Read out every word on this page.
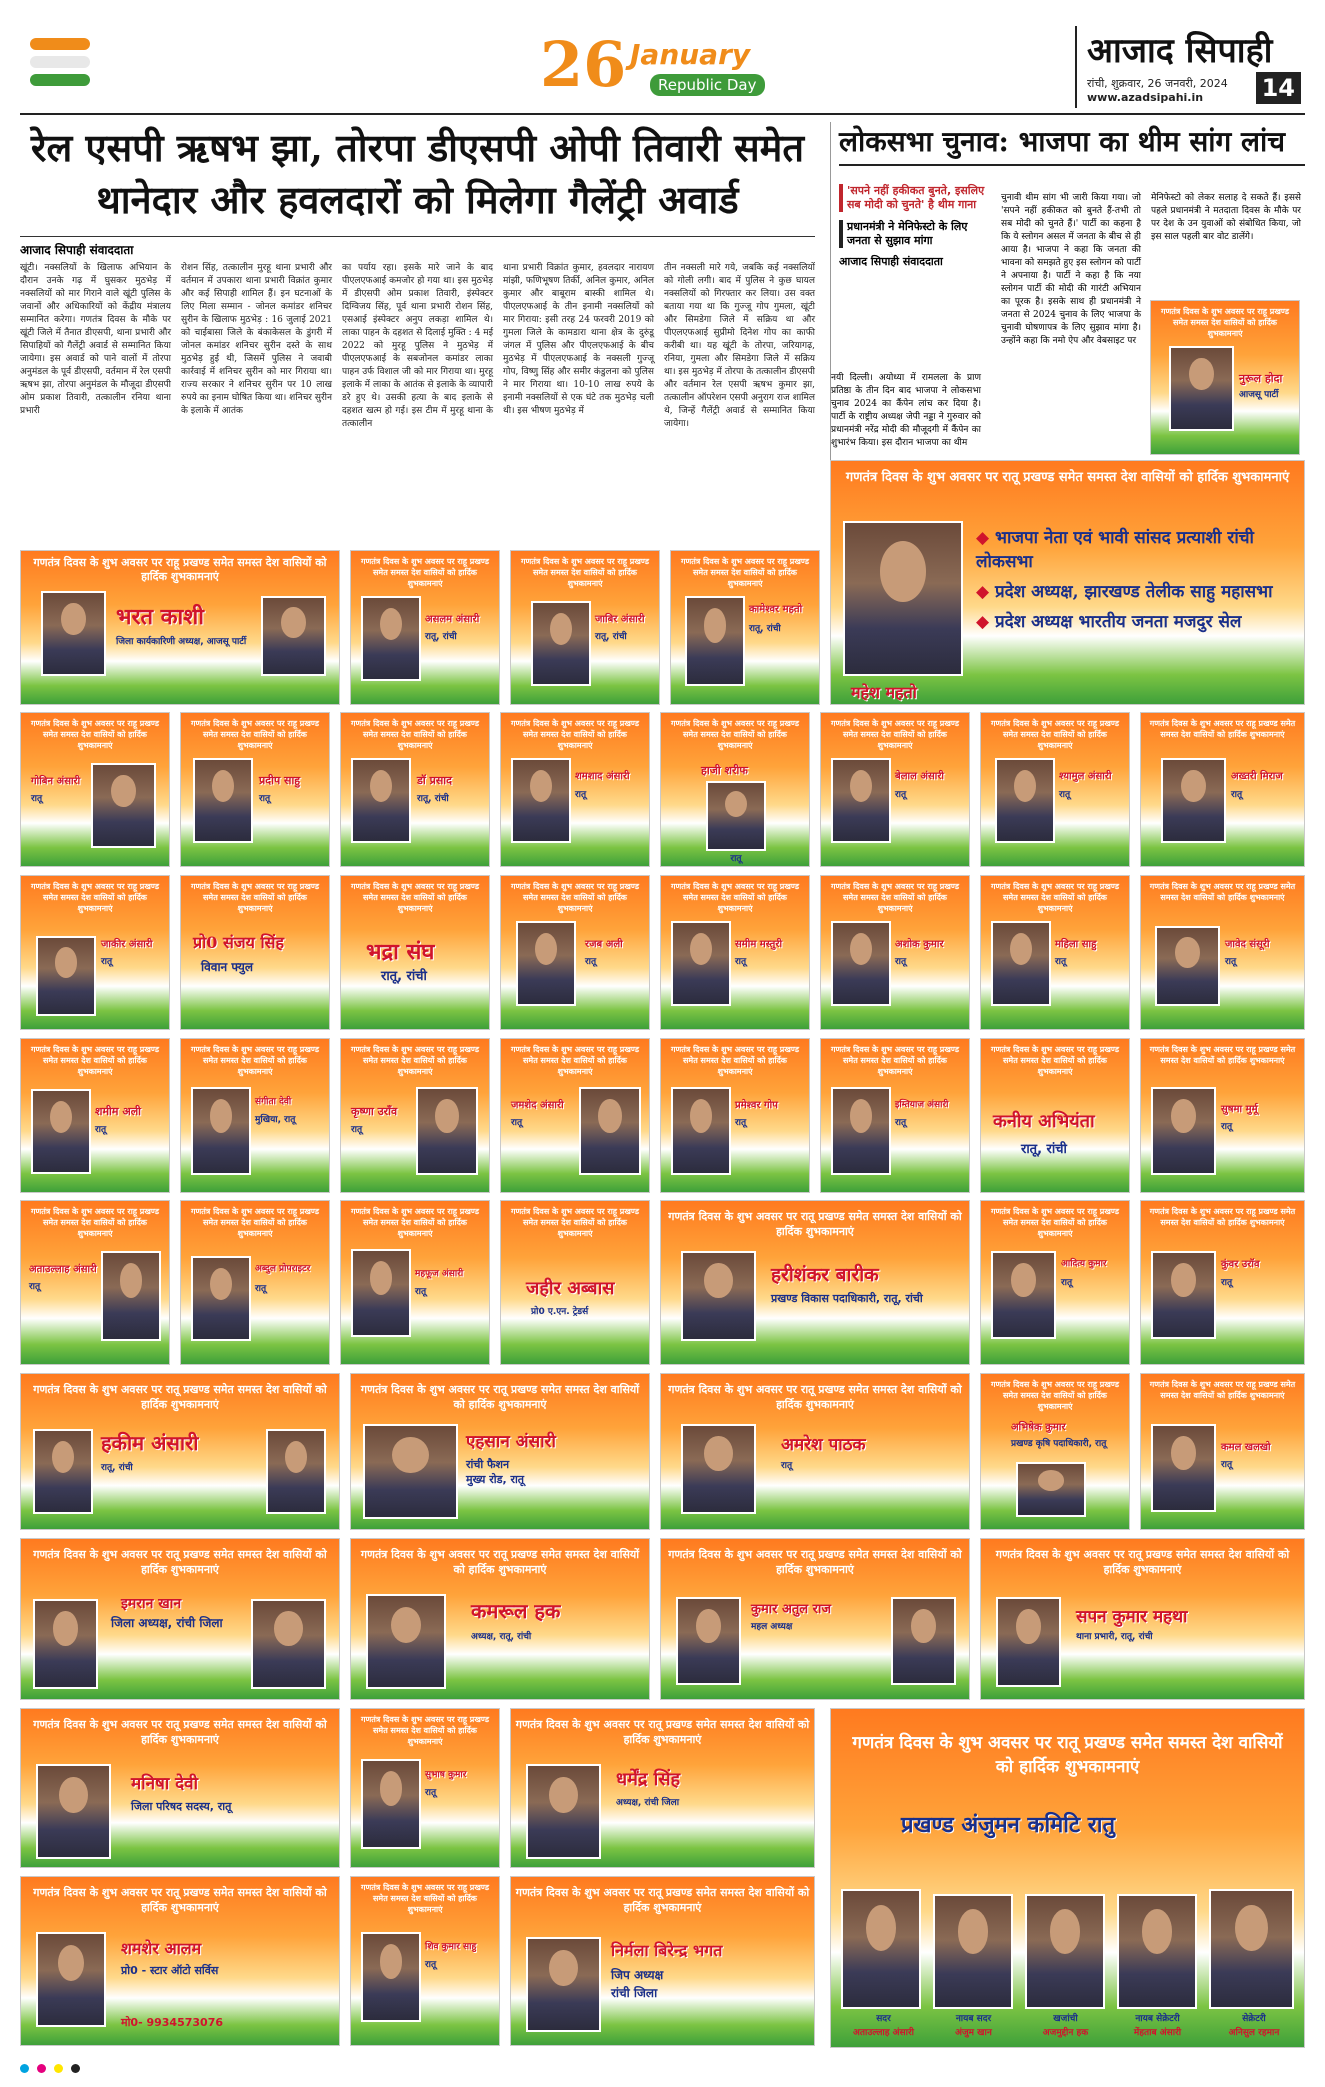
26 January
Republic Day
आजाद सिपाही
रांची, शुक्रवार, 26 जनवरी, 2024
www.azadsipahi.in	14
रेल एसपी ऋषभ झा, तोरपा डीएसपी ओपी तिवारी समेत थानेदार और हवलदारों को मिलेगा गैलेंट्री अवार्ड
आजाद सिपाही संवाददाता
खूंटी। नक्सलियों के खिलाफ अभियान के दौरान उनके गढ़ में घुसकर मुठभेड़ में नक्सलियों को मार गिराने वाले खूंटी पुलिस के जवानों और अधिकारियों को केंद्रीय मंत्रालय सम्मानित करेगा। गणतंत्र दिवस के मौके पर खूंटी जिले में तैनात डीएसपी, थाना प्रभारी और सिपाहियों को गैलेंट्री अवार्ड से सम्मानित किया जायेगा। इस अवार्ड को पाने वालों में तोरपा अनुमंडल के पूर्व डीएसपी, वर्तमान में रेल एसपी ऋषभ झा, तोरपा अनुमंडल के मौजूदा डीएसपी ओम प्रकाश तिवारी, तत्कालीन रनिया थाना प्रभारी
रोशन सिंह, तत्कालीन मुरहू थाना प्रभारी और वर्तमान में उपकारा थाना प्रभारी विक्रांत कुमार और कई सिपाही शामिल हैं। इन घटनाओं के लिए मिला सम्मान - जोनल कमांडर शनिचर सुरीन के खिलाफ मुठभेड़ : 16 जुलाई 2021 को चाईबासा जिले के बंकाकेसल के डुंगरी में जोनल कमांडर शनिचर सुरीन दस्ते के साथ मुठभेड़ हुई थी, जिसमें पुलिस ने जवाबी कार्रवाई में शनिचर सुरीन को मार गिराया था। राज्य सरकार ने शनिचर सुरीन पर 10 लाख रुपये का इनाम घोषित किया था। शनिचर सुरीन के इलाके में आतंक
का पर्याय रहा। इसके मारे जाने के बाद पीएलएफआई कमजोर हो गया था। इस मुठभेड़ में डीएसपी ओम प्रकाश तिवारी, इंस्पेक्टर दिग्विजय सिंह, पूर्व थाना प्रभारी रोशन सिंह, एसआई इंस्पेक्टर अनुप लकड़ा शामिल थे। लाका पाहन के दहशत से दिलाई मुक्ति : 4 मई 2022 को मुरहू पुलिस ने मुठभेड़ में पीएलएफआई के सबजोनल कमांडर लाका पाहन उर्फ विशाल जी को मार गिराया था। मुरहू इलाके में लाका के आतंक से इलाके के व्यापारी डरे हुए थे। उसकी हत्या के बाद इलाके से दहशत खत्म हो गई। इस टीम में मुरहू थाना के तत्कालीन
थाना प्रभारी विक्रांत कुमार, हवलदार नारायण मांझी, फणिभूषण तिर्की, अनिल कुमार, अनिल कुमार और बाबूराम बास्की शामिल थे। पीएलएफआई के तीन इनामी नक्सलियों को मार गिराया: इसी तरह 24 फरवरी 2019 को गुमला जिले के कामडारा थाना क्षेत्र के दुरुंडू जंगल में पुलिस और पीएलएफआई के बीच मुठभेड़ में पीएलएफआई के नक्सली गुज्जू गोप, विष्णु सिंह और समीर कंडुलना को पुलिस ने मार गिराया था। 10-10 लाख रुपये के इनामी नक्सलियों से एक घंटे तक मुठभेड़ चली थी। इस भीषण मुठभेड़ में
तीन नक्सली मारे गये, जबकि कई नक्सलियों को गोली लगी। बाद में पुलिस ने कुछ घायल नक्सलियों को गिरफ्तार कर लिया। उस वक्त बताया गया था कि गुज्जू गोप गुमला, खूंटी और सिमडेगा जिले में सक्रिय था और पीएलएफआई सुप्रीमो दिनेश गोप का काफी करीबी था। यह खूंटी के तोरपा, जरियागढ़, रनिया, गुमला और सिमडेगा जिले में सक्रिय था। इस मुठभेड़ में तोरपा के तत्कालीन डीएसपी और वर्तमान रेल एसपी ऋषभ कुमार झा, तत्कालीन ऑपरेशन एसपी अनुराग राज शामिल थे, जिन्हें गैलेंट्री अवार्ड से सम्मानित किया जायेगा।
लोकसभा चुनाव: भाजपा का थीम सांग लांच
'सपने नहीं हकीकत बुनते, इसलिए सब मोदी को चुनते' है थीम गाना
प्रधानमंत्री ने मेनिफेस्टो के लिए जनता से सुझाव मांगा
आजाद सिपाही संवाददाता
चुनावी थीम सांग भी जारी किया गया। जो 'सपने नहीं हकीकत को बुनते हैं-तभी तो सब मोदी को चुनते हैं।' पार्टी का कहना है कि ये स्लोगन असल में जनता के बीच से ही आया है। भाजपा ने कहा कि जनता की भावना को समझते हुए इस स्लोगन को पार्टी ने अपनाया है। पार्टी ने कहा है कि नया स्लोगन पार्टी की मोदी की गारंटी अभियान का पूरक है। इसके साथ ही प्रधानमंत्री ने जनता से 2024 चुनाव के लिए भाजपा के चुनावी घोषणापत्र के लिए सुझाव मांगा है। उन्होंने कहा कि नमो ऐप और वेबसाइट पर
मेनिफेस्टो को लेकर सलाह दे सकते हैं। इससे पहले प्रधानमंत्री ने मतदाता दिवस के मौके पर पर देश के उन युवाओं को संबोधित किया, जो इस साल पहली बार वोट डालेंगे।
नयी दिल्ली। अयोध्या में रामलला के प्राण प्रतिष्ठा के तीन दिन बाद भाजपा ने लोकसभा चुनाव 2024 का कैंपेन लांच कर दिया है। पार्टी के राष्ट्रीय अध्यक्ष जेपी नड्डा ने गुरुवार को प्रधानमंत्री नरेंद्र मोदी की मौजूदगी में कैंपेन का शुभारंभ किया। इस दौरान भाजपा का थीम
गणतंत्र दिवस के शुभ अवसर पर राहू प्रखण्ड समेत समस्त देश वासियों को हार्दिक शुभकामनाएं
नुरूल होदा
आजसू पार्टी
गणतंत्र दिवस के शुभ अवसर पर रातू प्रखण्ड समेत समस्त देश वासियों को हार्दिक शुभकामनाएं
महेश महतो
◆ भाजपा नेता एवं भावी सांसद प्रत्याशी रांची लोकसभा
◆ प्रदेश अध्यक्ष, झारखण्ड तेलीक साहु महासभा
◆ प्रदेश अध्यक्ष भारतीय जनता मजदुर सेल
गणतंत्र दिवस के शुभ अवसर पर राहू प्रखण्ड समेत समस्त देश वासियों को हार्दिक शुभकामनाएं
भरत काशी
जिला कार्यकारिणी अध्यक्ष, आजसू पार्टी
गणतंत्र दिवस के शुभ अवसर पर राहू प्रखण्ड समेत समस्त देश वासियों को हार्दिक शुभकामनाएं
असलम अंसारी
रातू, रांची
गणतंत्र दिवस के शुभ अवसर पर राहू प्रखण्ड समेत समस्त देश वासियों को हार्दिक शुभकामनाएं
जाबिर अंसारी
रातू, रांची
गणतंत्र दिवस के शुभ अवसर पर राहू प्रखण्ड समेत समस्त देश वासियों को हार्दिक शुभकामनाएं
कामेश्वर महतो
रातू, रांची
गणतंत्र दिवस के शुभ अवसर पर राहू प्रखण्ड समेत समस्त देश वासियों को हार्दिक शुभकामनाएं
गोबिन अंसारी
रातू
गणतंत्र दिवस के शुभ अवसर पर राहू प्रखण्ड समेत समस्त देश वासियों को हार्दिक शुभकामनाएं
प्रदीप साहु
रातू
गणतंत्र दिवस के शुभ अवसर पर राहू प्रखण्ड समेत समस्त देश वासियों को हार्दिक शुभकामनाएं
डॉ प्रसाद
रातू, रांची
गणतंत्र दिवस के शुभ अवसर पर राहू प्रखण्ड समेत समस्त देश वासियों को हार्दिक शुभकामनाएं
शमशाद अंसारी
रातू
गणतंत्र दिवस के शुभ अवसर पर राहू प्रखण्ड समेत समस्त देश वासियों को हार्दिक शुभकामनाएं
हाजी शरीफ
रातू
गणतंत्र दिवस के शुभ अवसर पर राहू प्रखण्ड समेत समस्त देश वासियों को हार्दिक शुभकामनाएं
बेलाल अंसारी
रातू
गणतंत्र दिवस के शुभ अवसर पर राहू प्रखण्ड समेत समस्त देश वासियों को हार्दिक शुभकामनाएं
श्यामुल अंसारी
रातू
गणतंत्र दिवस के शुभ अवसर पर राहू प्रखण्ड समेत समस्त देश वासियों को हार्दिक शुभकामनाएं
अख्तरी मिराज
रातू
गणतंत्र दिवस के शुभ अवसर पर राहू प्रखण्ड समेत समस्त देश वासियों को हार्दिक शुभकामनाएं
जाकीर अंसारी
रातू
गणतंत्र दिवस के शुभ अवसर पर राहू प्रखण्ड समेत समस्त देश वासियों को हार्दिक शुभकामनाएं
प्रो0 संजय सिंह
विवान फ्युल
गणतंत्र दिवस के शुभ अवसर पर राहू प्रखण्ड समेत समस्त देश वासियों को हार्दिक शुभकामनाएं
भद्रा संघ
रातू, रांची
गणतंत्र दिवस के शुभ अवसर पर राहू प्रखण्ड समेत समस्त देश वासियों को हार्दिक शुभकामनाएं
रजब अली
रातू
गणतंत्र दिवस के शुभ अवसर पर राहू प्रखण्ड समेत समस्त देश वासियों को हार्दिक शुभकामनाएं
समीम मस्तुरी
रातू
गणतंत्र दिवस के शुभ अवसर पर राहू प्रखण्ड समेत समस्त देश वासियों को हार्दिक शुभकामनाएं
अशोक कुमार
रातू
गणतंत्र दिवस के शुभ अवसर पर राहू प्रखण्ड समेत समस्त देश वासियों को हार्दिक शुभकामनाएं
महिला साहु
रातू
गणतंत्र दिवस के शुभ अवसर पर राहू प्रखण्ड समेत समस्त देश वासियों को हार्दिक शुभकामनाएं
जावेद संसूरी
रातू
गणतंत्र दिवस के शुभ अवसर पर राहू प्रखण्ड समेत समस्त देश वासियों को हार्दिक शुभकामनाएं
शमीम अली
रातू
गणतंत्र दिवस के शुभ अवसर पर राहू प्रखण्ड समेत समस्त देश वासियों को हार्दिक शुभकामनाएं
संगीता देवी
मुखिया, रातू
गणतंत्र दिवस के शुभ अवसर पर राहू प्रखण्ड समेत समस्त देश वासियों को हार्दिक शुभकामनाएं
कृष्णा उराँव
रातू
गणतंत्र दिवस के शुभ अवसर पर राहू प्रखण्ड समेत समस्त देश वासियों को हार्दिक शुभकामनाएं
जमशेद अंसारी
रातू
गणतंत्र दिवस के शुभ अवसर पर राहू प्रखण्ड समेत समस्त देश वासियों को हार्दिक शुभकामनाएं
प्रमेश्वर गोप
रातू
गणतंत्र दिवस के शुभ अवसर पर राहू प्रखण्ड समेत समस्त देश वासियों को हार्दिक शुभकामनाएं
इम्तियाज अंसारी
रातू
गणतंत्र दिवस के शुभ अवसर पर राहू प्रखण्ड समेत समस्त देश वासियों को हार्दिक शुभकामनाएं
कनीय अभियंता
रातू, रांची
गणतंत्र दिवस के शुभ अवसर पर राहू प्रखण्ड समेत समस्त देश वासियों को हार्दिक शुभकामनाएं
सुषमा मुर्मू
रातू
गणतंत्र दिवस के शुभ अवसर पर राहू प्रखण्ड समेत समस्त देश वासियों को हार्दिक शुभकामनाएं
अताउल्लाह अंसारी
रातू
गणतंत्र दिवस के शुभ अवसर पर राहू प्रखण्ड समेत समस्त देश वासियों को हार्दिक शुभकामनाएं
अब्दुल प्रोपराइटर
रातू
गणतंत्र दिवस के शुभ अवसर पर राहू प्रखण्ड समेत समस्त देश वासियों को हार्दिक शुभकामनाएं
महफूज अंसारी
रातू
गणतंत्र दिवस के शुभ अवसर पर राहू प्रखण्ड समेत समस्त देश वासियों को हार्दिक शुभकामनाएं
जहीर अब्बास
प्रो0 ए.एन. ट्रेडर्स
गणतंत्र दिवस के शुभ अवसर पर रातू प्रखण्ड समेत समस्त देश वासियों को हार्दिक शुभकामनाएं
हरीशंकर बारीक
प्रखण्ड विकास पदाधिकारी, रातू, रांची
गणतंत्र दिवस के शुभ अवसर पर राहू प्रखण्ड समेत समस्त देश वासियों को हार्दिक शुभकामनाएं
आदित्य कुमार
रातू
गणतंत्र दिवस के शुभ अवसर पर राहू प्रखण्ड समेत समस्त देश वासियों को हार्दिक शुभकामनाएं
कुंवर उरॉव
रातू
गणतंत्र दिवस के शुभ अवसर पर रातू प्रखण्ड समेत समस्त देश वासियों को हार्दिक शुभकामनाएं
हकीम अंसारी
रातू, रांची
गणतंत्र दिवस के शुभ अवसर पर रातू प्रखण्ड समेत समस्त देश वासियों को हार्दिक शुभकामनाएं
एहसान अंसारी
रांची फैशन
मुख्य रोड, रातू
गणतंत्र दिवस के शुभ अवसर पर रातू प्रखण्ड समेत समस्त देश वासियों को हार्दिक शुभकामनाएं
अमरेश पाठक
रातू
गणतंत्र दिवस के शुभ अवसर पर राहू प्रखण्ड समेत समस्त देश वासियों को हार्दिक शुभकामनाएं
अभिषेक कुमार
प्रखण्ड कृषि पदाधिकारी, रातू
गणतंत्र दिवस के शुभ अवसर पर राहू प्रखण्ड समेत समस्त देश वासियों को हार्दिक शुभकामनाएं
कमल खलखो
रातू
गणतंत्र दिवस के शुभ अवसर पर रातू प्रखण्ड समेत समस्त देश वासियों को हार्दिक शुभकामनाएं
इमरान खान
जिला अध्यक्ष, रांची जिला
गणतंत्र दिवस के शुभ अवसर पर रातू प्रखण्ड समेत समस्त देश वासियों को हार्दिक शुभकामनाएं
कमरूल हक
अध्यक्ष, रातू, रांची
गणतंत्र दिवस के शुभ अवसर पर रातू प्रखण्ड समेत समस्त देश वासियों को हार्दिक शुभकामनाएं
कुमार अतुल राज
महल अध्यक्ष
गणतंत्र दिवस के शुभ अवसर पर रातू प्रखण्ड समेत समस्त देश वासियों को हार्दिक शुभकामनाएं
सपन कुमार महथा
थाना प्रभारी, रातू, रांची
गणतंत्र दिवस के शुभ अवसर पर रातू प्रखण्ड समेत समस्त देश वासियों को हार्दिक शुभकामनाएं
मनिषा देवी
जिला परिषद सदस्य, रातू
गणतंत्र दिवस के शुभ अवसर पर राहू प्रखण्ड समेत समस्त देश वासियों को हार्दिक शुभकामनाएं
सुभाष कुमार
रातू
गणतंत्र दिवस के शुभ अवसर पर रातू प्रखण्ड समेत समस्त देश वासियों को हार्दिक शुभकामनाएं
धर्मेंद्र सिंह
अध्यक्ष, रांची जिला
गणतंत्र दिवस के शुभ अवसर पर रातू प्रखण्ड समेत समस्त देश वासियों को हार्दिक शुभकामनाएं
प्रखण्ड अंजुमन कमिटि रातु
सदर
अताउल्लाह अंसारी
नायब सदर
अंजुम खान
खजांची
अजमुद्दीन हक
नायब सेक्रेटरी
मेंहताब अंसारी
सेक्रेटरी
अनिसुल रहमान
गणतंत्र दिवस के शुभ अवसर पर रातू प्रखण्ड समेत समस्त देश वासियों को हार्दिक शुभकामनाएं
शमशेर आलम
प्रो0 - स्टार ऑटो सर्विस
मो0- 9934573076
गणतंत्र दिवस के शुभ अवसर पर राहू प्रखण्ड समेत समस्त देश वासियों को हार्दिक शुभकामनाएं
शिव कुमार साहु
रातू
गणतंत्र दिवस के शुभ अवसर पर रातू प्रखण्ड समेत समस्त देश वासियों को हार्दिक शुभकामनाएं
निर्मला बिरेन्द्र भगत
जिप अध्यक्ष
रांची जिला
